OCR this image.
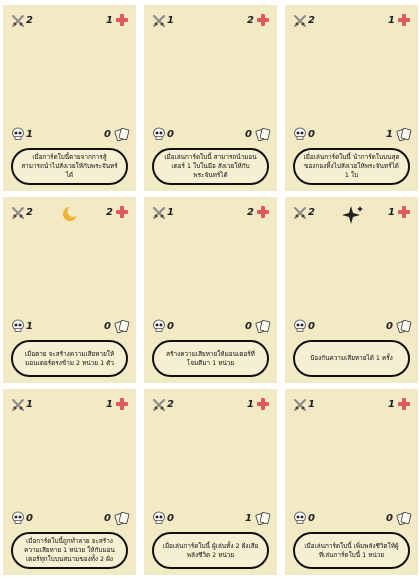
2	1
1	0
เมื่อการ์ดใบนี้ตายจากการสู้ สามารถนำไปสังเวยให้กับพระจันทร์ได้
1	2
0	0
เมื่อเล่นการ์ดใบนี้ สามารถนำมอนเตอร์ 1 ใบในมือ สังเวยให้กับพระจันทร์ได้
2	1
0	1
เมื่อเล่นการ์ดใบนี้ นำการ์ดใบบนสุดของกองทิ้งไปสังเวยให้พระจันทร์ได้ 1 ใบ
2	2
1	0
เมื่อตาย จะสร้างความเสียหายให้มอนเตอร์ตรงข้าม 2 หน่วย 1 ตัว
1	2
0	0
สร้างความเสียหายให้มอนเตอร์ที่โจมตีมา 1 หน่วย
2	1
0	0
ป้องกันความเสียหายได้ 1 ครั้ง
1	1
0	0
เมื่อการ์ดใบนี้ถูกทำลาย จะสร้างความเสียหาย 1 หน่วย ให้กับมอนเตอร์ทุกใบบนสนามของทั้ง 2 ฝั่ง
2	1
0	1
เมื่อเล่นการ์ดใบนี้ ผู้เล่นทั้ง 2 ฝั่งเสียพลังชีวิต 2 หน่วย
1	1
0	0
เมื่อเล่นการ์ดใบนี้ เพิ่มพลังชีวิตให้ผู้ที่เล่นการ์ดใบนี้ 1 หน่วย
